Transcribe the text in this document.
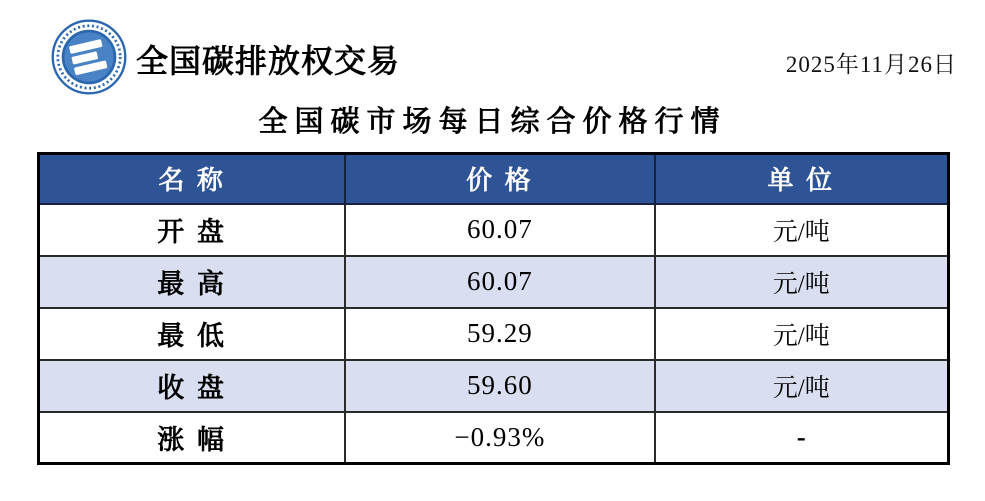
全国碳排放权交易	2025年11月26日
全国碳市场每日综合价格行情
名 称	价 格	单 位
开 盘	60.07	元/吨
最 高	60.07	元/吨
最 低	59.29	元/吨
收 盘	59.60	元/吨
涨 幅	−0.93%	-
